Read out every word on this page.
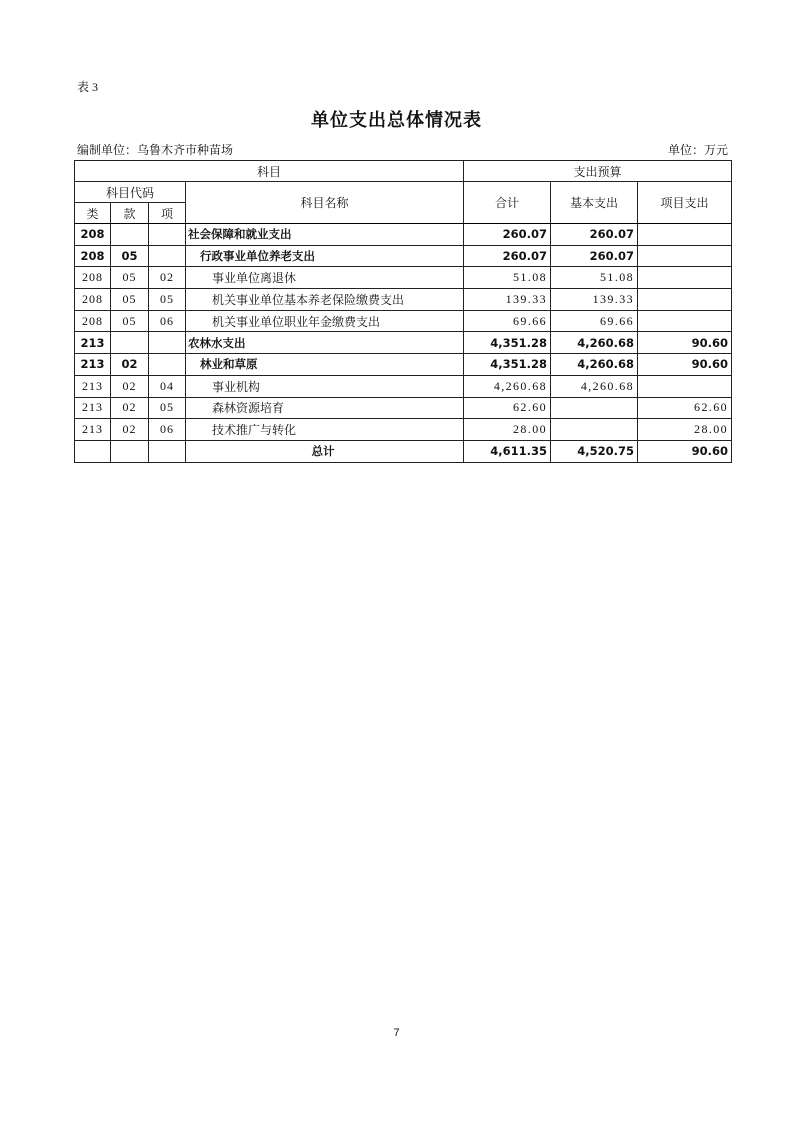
表 3
单位支出总体情况表
编制单位：乌鲁木齐市种苗场	单位：万元
科目				支出预算		
科目代码			科目名称	合计	基本支出	项目支出
类	款	项				
208			社会保障和就业支出	260.07	260.07	
208	05		行政事业单位养老支出	260.07	260.07	
208	05	02	事业单位离退休	51.08	51.08	
208	05	05	机关事业单位基本养老保险缴费支出	139.33	139.33	
208	05	06	机关事业单位职业年金缴费支出	69.66	69.66	
213			农林水支出	4,351.28	4,260.68	90.60
213	02		林业和草原	4,351.28	4,260.68	90.60
213	02	04	事业机构	4,260.68	4,260.68	
213	02	05	森林资源培育	62.60		62.60
213	02	06	技术推广与转化	28.00		28.00
			总计	4,611.35	4,520.75	90.60
7
